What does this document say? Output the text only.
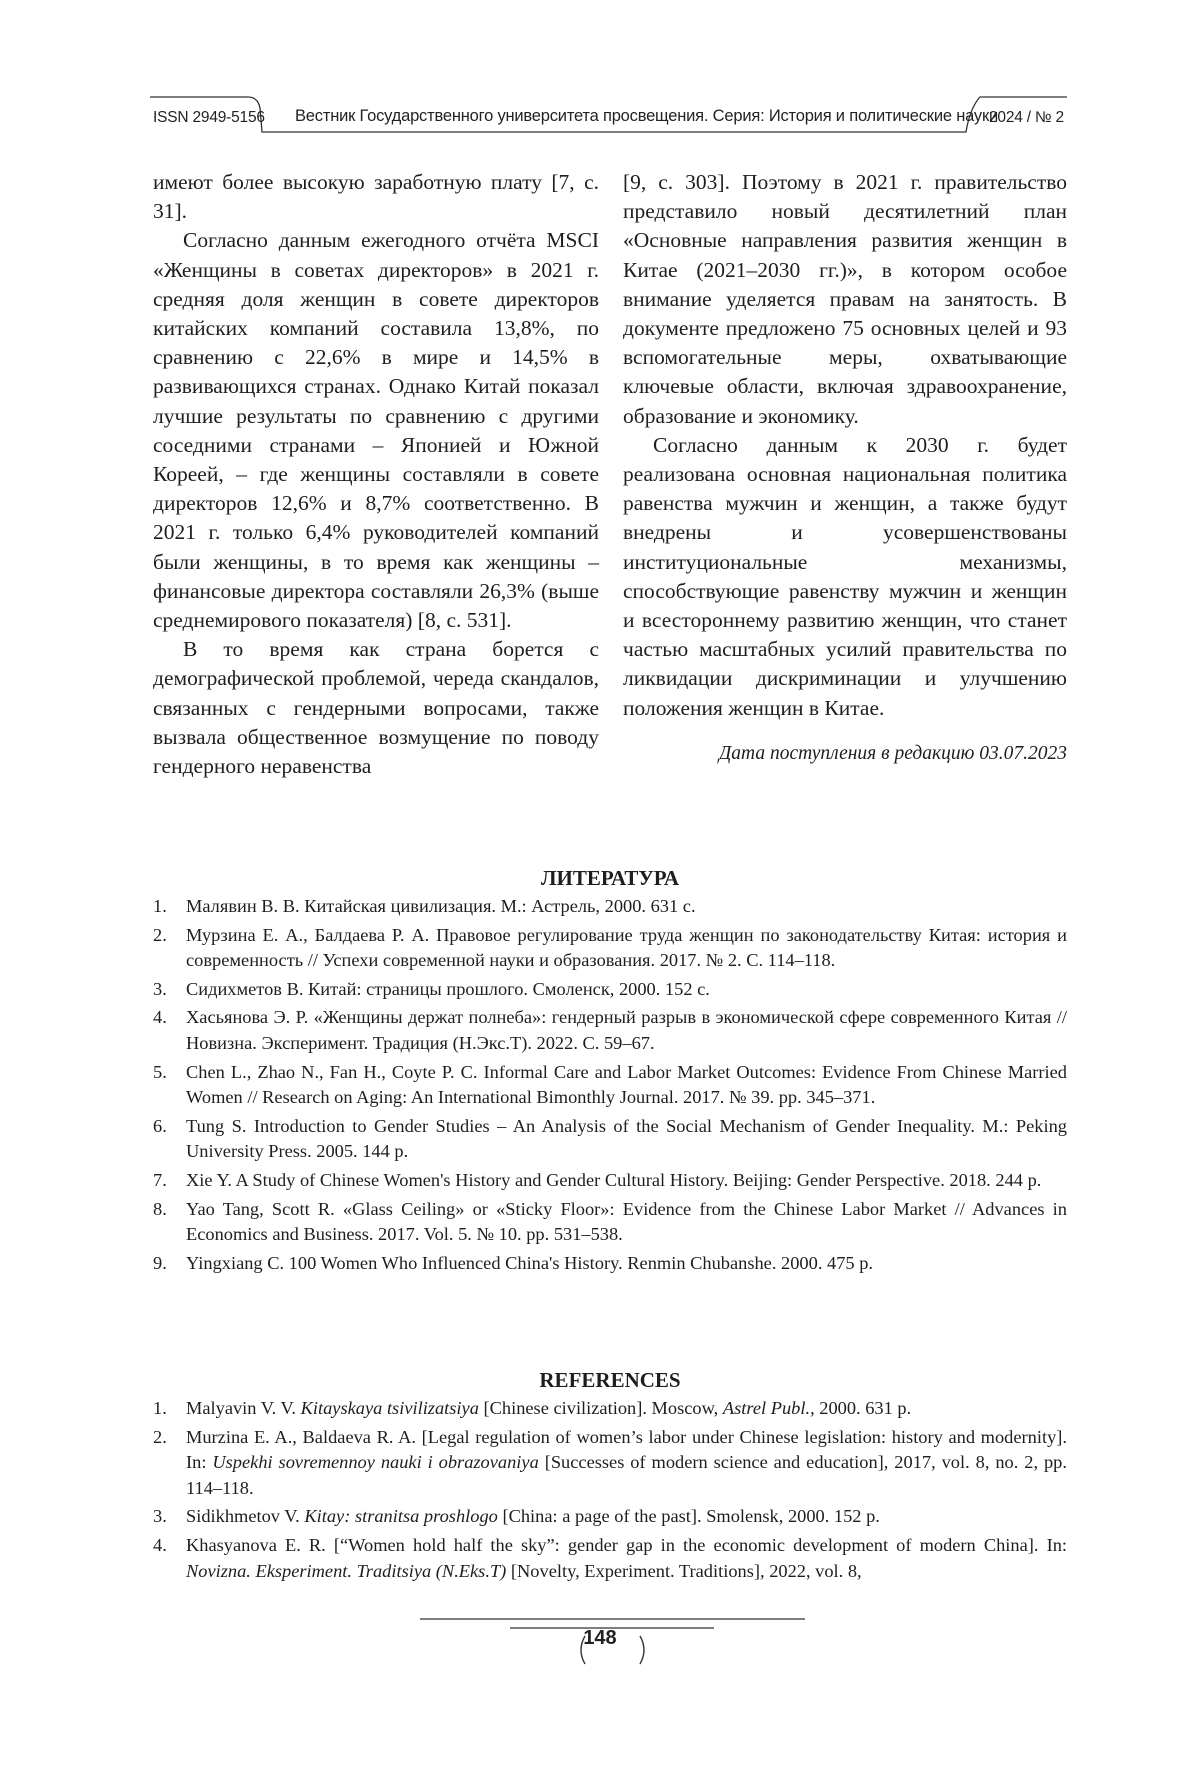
ISSN 2949-5156 Вестник Государственного университета просвещения. Серия: История и политические науки
2024 / № 2

имеют более высокую заработную плату [7, с. 31].

Согласно данным ежегодного отчёта MSCI «Женщины в советах директоров» в 2021 г. средняя доля женщин в совете директоров китайских компаний составила 13,8%, по сравнению с 22,6% в мире и 14,5% в развивающихся странах. Однако Китай показал лучшие результаты по сравнению с другими соседними странами – Японией и Южной Кореей, – где женщины составляли в совете директоров 12,6% и 8,7% соответственно. В 2021 г. только 6,4% руководителей компаний были женщины, в то время как женщины – финансовые директора составляли 26,3% (выше среднемирового показателя) [8, с. 531].

В то время как страна борется с демографической проблемой, череда скандалов, связанных с гендерными вопросами, также вызвала общественное возмущение по поводу гендерного неравенства

[9, с. 303]. Поэтому в 2021 г. правительство представило новый десятилетний план «Основные направления развития женщин в Китае (2021–2030 гг.)», в котором особое внимание уделяется правам на занятость. В документе предложено 75 основных целей и 93 вспомогательные меры, охватывающие ключевые области, включая здравоохранение, образование и экономику.

Согласно данным к 2030 г. будет реализована основная национальная политика равенства мужчин и женщин, а также будут внедрены и усовершенствованы институциональные механизмы, способствующие равенству мужчин и женщин и всестороннему развитию женщин, что станет частью масштабных усилий правительства по ликвидации дискриминации и улучшению положения женщин в Китае.

Дата поступления в редакцию 03.07.2023

ЛИТЕРАТУРА
1. Малявин В. В. Китайская цивилизация. М.: Астрель, 2000. 631 с.
2. Мурзина Е. А., Балдаева Р. А. Правовое регулирование труда женщин по законодательству Китая: история и современность // Успехи современной науки и образования. 2017. № 2. С. 114–118.
3. Сидихметов В. Китай: страницы прошлого. Смоленск, 2000. 152 с.
4. Хасьянова Э. Р. «Женщины держат полнеба»: гендерный разрыв в экономической сфере современного Китая // Новизна. Эксперимент. Традиция (Н.Экс.Т). 2022. С. 59–67.
5. Chen L., Zhao N., Fan H., Coyte P. C. Informal Care and Labor Market Outcomes: Evidence From Chinese Married Women // Research on Aging: An International Bimonthly Journal. 2017. № 39. pp. 345–371.
6. Tung S. Introduction to Gender Studies – An Analysis of the Social Mechanism of Gender Inequality. M.: Peking University Press. 2005. 144 p.
7. Xie Y. A Study of Chinese Women's History and Gender Cultural History. Beijing: Gender Perspective. 2018. 244 p.
8. Yao Tang, Scott R. «Glass Ceiling» or «Sticky Floor»: Evidence from the Chinese Labor Market // Advances in Economics and Business. 2017. Vol. 5. № 10. pp. 531–538.
9. Yingxiang C. 100 Women Who Influenced China's History. Renmin Chubanshe. 2000. 475 p.
REFERENCES
1. Malyavin V. V. Kitayskaya tsivilizatsiya [Chinese civilization]. Moscow, Astrel Publ., 2000. 631 p.
2. Murzina E. A., Baldaeva R. A. [Legal regulation of women’s labor under Chinese legislation: history and modernity]. In: Uspekhi sovremennoy nauki i obrazovaniya [Successes of modern science and education], 2017, vol. 8, no. 2, pp. 114–118.
3. Sidikhmetov V. Kitay: stranitsa proshlogo [China: a page of the past]. Smolensk, 2000. 152 p.
4. Khasyanova E. R. [“Women hold half the sky”: gender gap in the economic development of modern China]. In: Novizna. Eksperiment. Traditsiya (N.Eks.T) [Novelty, Experiment. Traditions], 2022, vol. 8,
148
